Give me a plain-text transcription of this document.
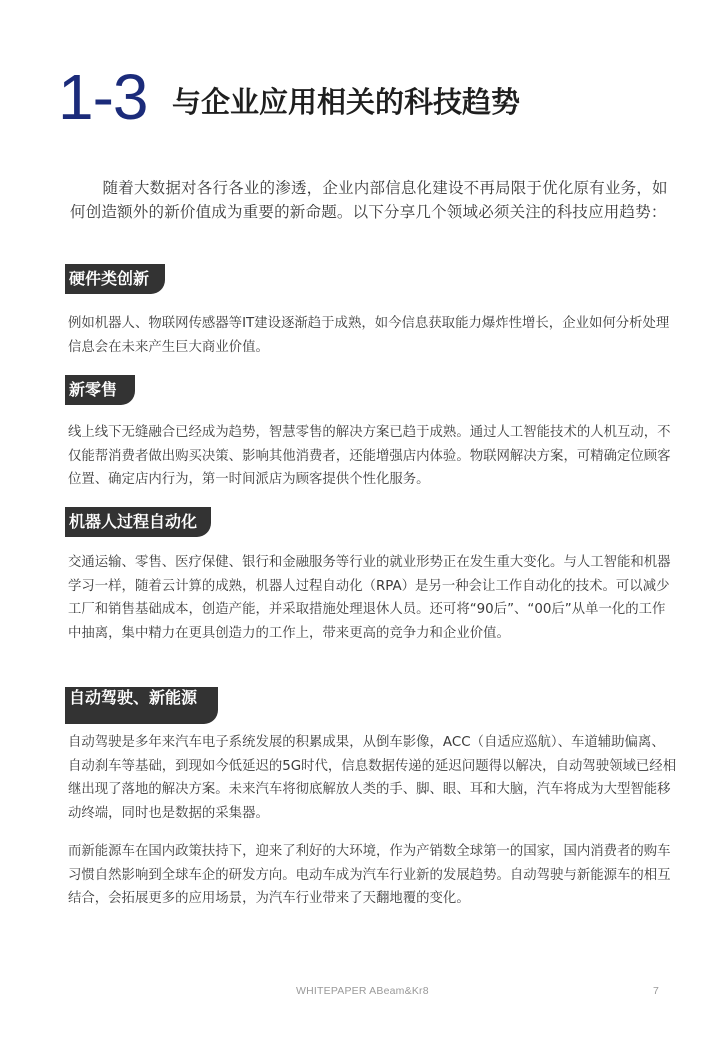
1-3 与企业应用相关的科技趋势

随着大数据对各行各业的渗透，企业内部信息化建设不再局限于优化原有业务，如何创造额外的新价值成为重要的新命题。以下分享几个领域必须关注的科技应用趋势：

硬件类创新

例如机器人、物联网传感器等IT建设逐渐趋于成熟，如今信息获取能力爆炸性增长，企业如何分析处理信息会在未来产生巨大商业价值。

新零售

线上线下无缝融合已经成为趋势，智慧零售的解决方案已趋于成熟。通过人工智能技术的人机互动，不仅能帮消费者做出购买决策、影响其他消费者，还能增强店内体验。物联网解决方案，可精确定位顾客位置、确定店内行为，第一时间派店为顾客提供个性化服务。

机器人过程自动化

交通运输、零售、医疗保健、银行和金融服务等行业的就业形势正在发生重大变化。与人工智能和机器学习一样，随着云计算的成熟，机器人过程自动化（RPA）是另一种会让工作自动化的技术。可以减少工厂和销售基础成本，创造产能，并采取措施处理退休人员。还可将“90后”、“00后”从单一化的工作中抽离，集中精力在更具创造力的工作上，带来更高的竞争力和企业价值。

自动驾驶、新能源

自动驾驶是多年来汽车电子系统发展的积累成果，从倒车影像，ACC（自适应巡航）、车道辅助偏离、自动刹车等基础，到现如今低延迟的5G时代，信息数据传递的延迟问题得以解决，自动驾驶领域已经相继出现了落地的解决方案。未来汽车将彻底解放人类的手、脚、眼、耳和大脑，汽车将成为大型智能移动终端，同时也是数据的采集器。

而新能源车在国内政策扶持下，迎来了利好的大环境，作为产销数全球第一的国家，国内消费者的购车习惯自然影响到全球车企的研发方向。电动车成为汽车行业新的发展趋势。自动驾驶与新能源车的相互结合，会拓展更多的应用场景，为汽车行业带来了天翻地覆的变化。

WHITEPAPER ABeam&Kr8	7
